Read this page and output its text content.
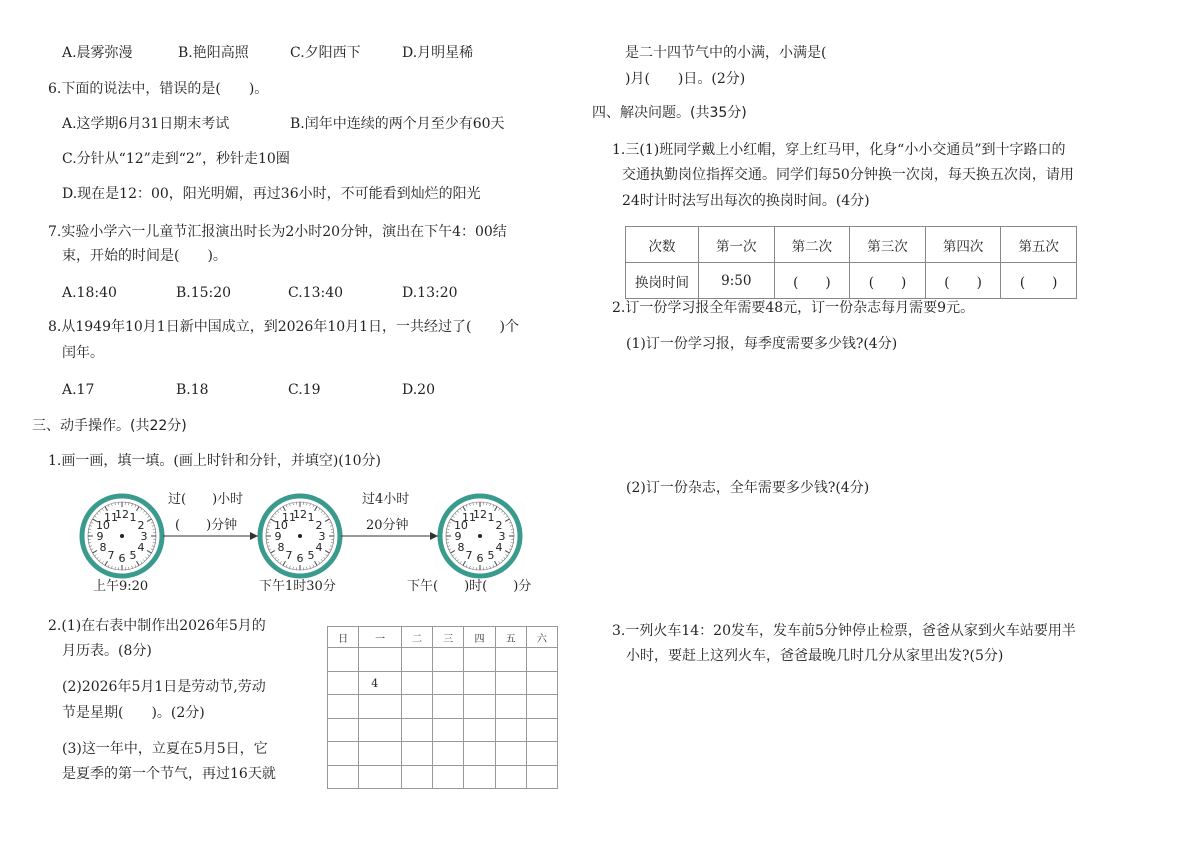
A.晨雾弥漫	B.艳阳高照	C.夕阳西下	D.月明星稀
6.下面的说法中，错误的是(　　)。
A.这学期6月31日期末考试	B.闰年中连续的两个月至少有60天
C.分针从“12”走到“2”，秒针走10圈
D.现在是12：00，阳光明媚，再过36小时，不可能看到灿烂的阳光
7.实验小学六一儿童节汇报演出时长为2小时20分钟，演出在下午4：00结
束，开始的时间是(　　)。
A.18:40	B.15:20	C.13:40	D.13:20
8.从1949年10月1日新中国成立，到2026年10月1日，一共经过了(　　)个
闰年。
A.17	B.18	C.19	D.20
三、动手操作。(共22分)
1.画一画，填一填。(画上时针和分针，并填空)(10分)
12 1
2
3
4
5
6
7
8
9
10
11	12 1
2
3
4
5
6
7
8
9
10
11	12 1
2
3
4
5
6
7
8
9
10
11
过(　　)小时
(　　)分钟
过4小时
20分钟
上午9:20	下午1时30分	下午(　　)时(　　)分
2.(1)在右表中制作出2026年5月的
月历表。(8分)
(2)2026年5月1日是劳动节,劳动
节是星期(　　)。(2分)
(3)这一年中，立夏在5月5日，它
是夏季的第一个节气，再过16天就
日	一	二	三	四	五	六

	4					

是二十四节气中的小满，小满是(
)月(　　)日。(2分)
四、解决问题。(共35分)
1.三(1)班同学戴上小红帽，穿上红马甲，化身“小小交通员”到十字路口的
交通执勤岗位指挥交通。同学们每50分钟换一次岗，每天换五次岗，请用
24时计时法写出每次的换岗时间。(4分)
次数	第一次	第二次	第三次	第四次	第五次
换岗时间	9:50	(　　)	(　　)	(　　)	(　　)
2.订一份学习报全年需要48元，订一份杂志每月需要9元。
(1)订一份学习报，每季度需要多少钱?(4分)
(2)订一份杂志，全年需要多少钱?(4分)
3.一列火车14：20发车，发车前5分钟停止检票，爸爸从家到火车站要用半
小时，要赶上这列火车，爸爸最晚几时几分从家里出发?(5分)
